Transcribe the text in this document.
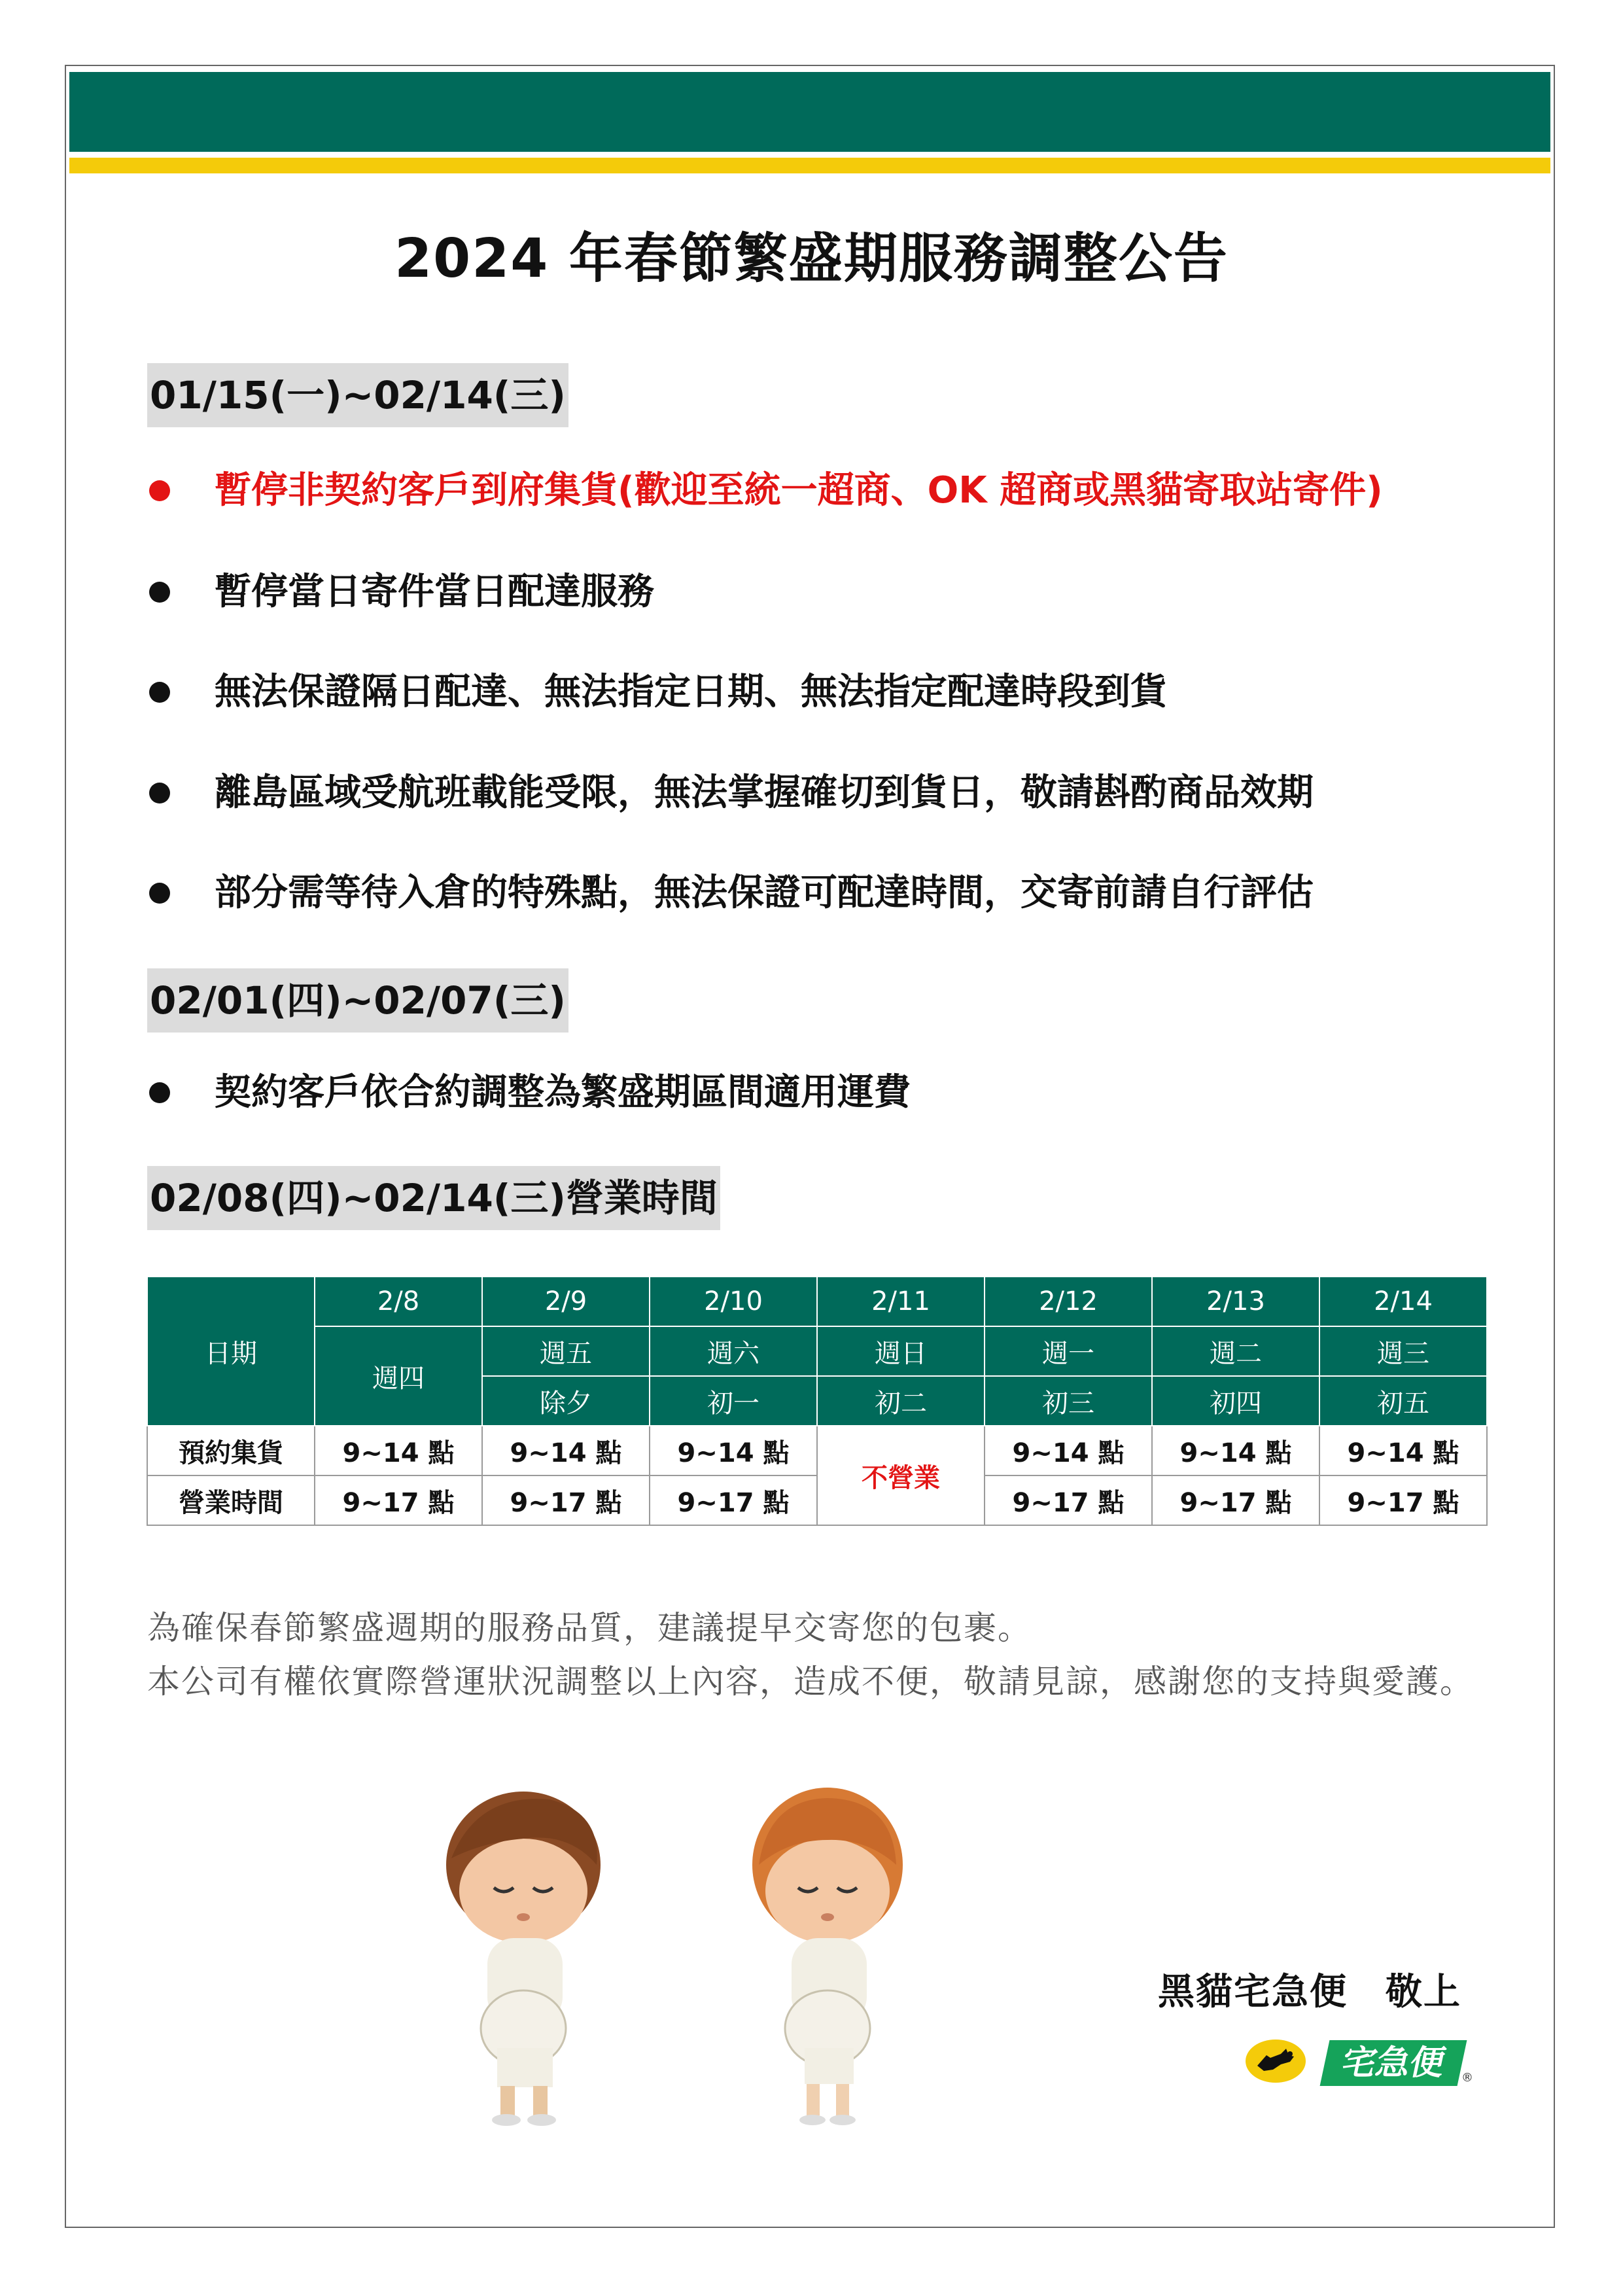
2024 年春節繁盛期服務調整公告
01/15(一)~02/14(三)
暫停非契約客戶到府集貨(歡迎至統一超商、OK 超商或黑貓寄取站寄件)
暫停當日寄件當日配達服務
無法保證隔日配達、無法指定日期、無法指定配達時段到貨
離島區域受航班載能受限，無法掌握確切到貨日，敬請斟酌商品效期
部分需等待入倉的特殊點，無法保證可配達時間，交寄前請自行評估
02/01(四)~02/07(三)
契約客戶依合約調整為繁盛期區間適用運費
02/08(四)~02/14(三)營業時間
日期	2/8	2/9	2/10	2/11	2/12	2/13	2/14
	週四	週五	週六	週日	週一	週二	週三
		除夕	初一	初二	初三	初四	初五
預約集貨	9~14 點	9~14 點	9~14 點	不營業	9~14 點	9~14 點	9~14 點
營業時間	9~17 點	9~17 點	9~17 點		9~17 點	9~17 點	9~17 點
為確保春節繁盛週期的服務品質，建議提早交寄您的包裹。
本公司有權依實際營運狀況調整以上內容，造成不便，敬請見諒，感謝您的支持與愛護。
黑貓宅急便　敬上
宅急便	®
